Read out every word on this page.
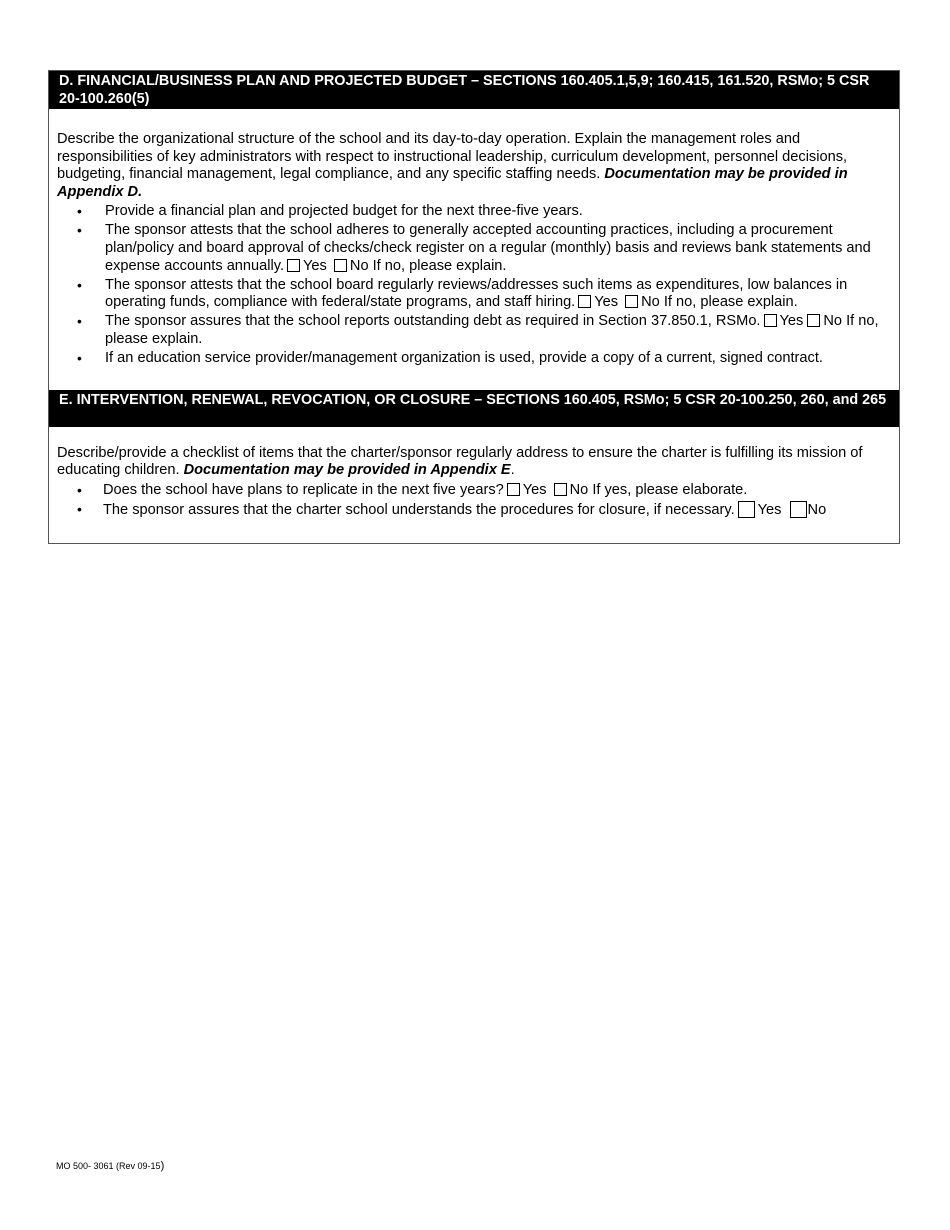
D. FINANCIAL/BUSINESS PLAN AND PROJECTED BUDGET – SECTIONS 160.405.1,5,9; 160.415, 161.520, RSMo; 5 CSR 20-100.260(5)
Describe the organizational structure of the school and its day-to-day operation. Explain the management roles and responsibilities of key administrators with respect to instructional leadership, curriculum development, personnel decisions, budgeting, financial management, legal compliance, and any specific staffing needs. Documentation may be provided in Appendix D.
• Provide a financial plan and projected budget for the next three-five years.
• The sponsor attests that the school adheres to generally accepted accounting practices, including a procurement plan/policy and board approval of checks/check register on a regular (monthly) basis and reviews bank statements and expense accounts annually. Yes No If no, please explain.
• The sponsor attests that the school board regularly reviews/addresses such items as expenditures, low balances in operating funds, compliance with federal/state programs, and staff hiring. Yes No If no, please explain.
• The sponsor assures that the school reports outstanding debt as required in Section 37.850.1, RSMo. Yes No If no, please explain.
• If an education service provider/management organization is used, provide a copy of a current, signed contract.
E. INTERVENTION, RENEWAL, REVOCATION, OR CLOSURE – SECTIONS 160.405, RSMo; 5 CSR 20-100.250, 260, and 265
Describe/provide a checklist of items that the charter/sponsor regularly address to ensure the charter is fulfilling its mission of educating children. Documentation may be provided in Appendix E.
• Does the school have plans to replicate in the next five years? Yes No If yes, please elaborate.
• The sponsor assures that the charter school understands the procedures for closure, if necessary. Yes No
MO 500- 3061 (Rev 09-15)
